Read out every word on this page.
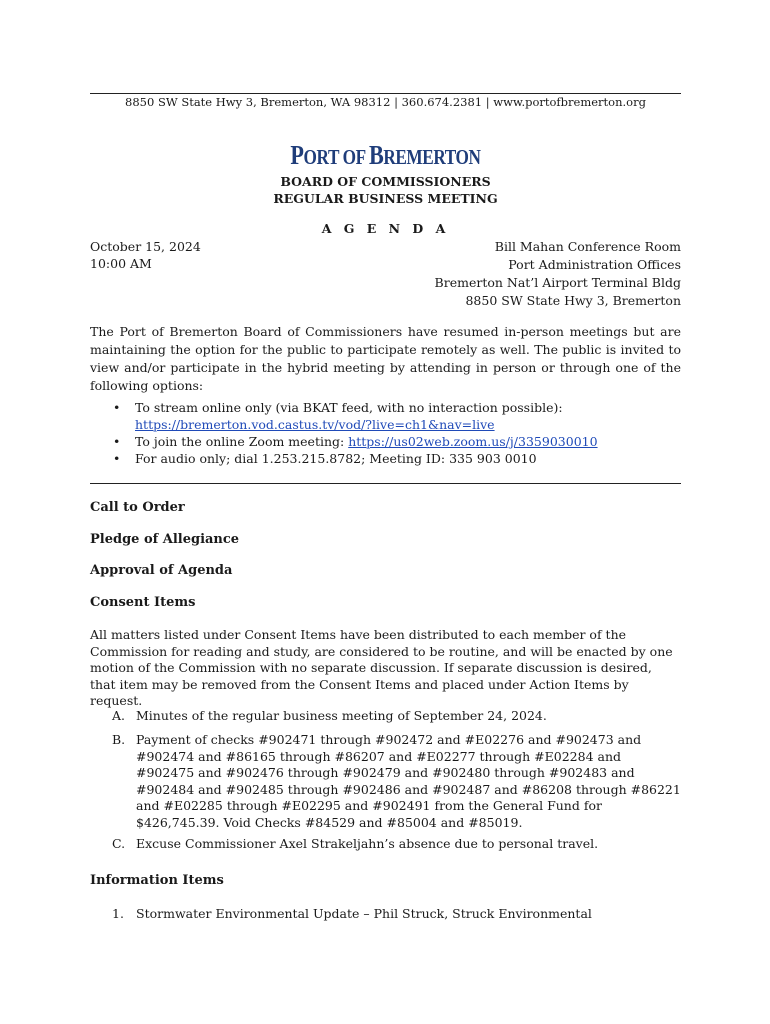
8850 SW State Hwy 3, Bremerton, WA 98312 | 360.674.2381 | www.portofbremerton.org
PORT OF BREMERTON
BOARD OF COMMISSIONERS
REGULAR BUSINESS MEETING
A G E N D A
October 15, 2024
10:00 AM
Bill Mahan Conference Room
Port Administration Offices
Bremerton Nat’l Airport Terminal Bldg
8850 SW State Hwy 3, Bremerton
The Port of Bremerton Board of Commissioners have resumed in-person meetings but are maintaining the option for the public to participate remotely as well. The public is invited to view and/or participate in the hybrid meeting by attending in person or through one of the following options:
• To stream online only (via BKAT feed, with no interaction possible):
https://bremerton.vod.castus.tv/vod/?live=ch1&nav=live
• To join the online Zoom meeting: https://us02web.zoom.us/j/3359030010
• For audio only; dial 1.253.215.8782; Meeting ID: 335 903 0010
Call to Order
Pledge of Allegiance
Approval of Agenda
Consent Items
All matters listed under Consent Items have been distributed to each member of the Commission for reading and study, are considered to be routine, and will be enacted by one motion of the Commission with no separate discussion. If separate discussion is desired, that item may be removed from the Consent Items and placed under Action Items by request.
A. Minutes of the regular business meeting of September 24, 2024.
B. Payment of checks #902471 through #902472 and #E02276 and #902473 and #902474 and #86165 through #86207 and #E02277 through #E02284 and #902475 and #902476 through #902479 and #902480 through #902483 and #902484 and #902485 through #902486 and #902487 and #86208 through #86221 and #E02285 through #E02295 and #902491 from the General Fund for $426,745.39. Void Checks #84529 and #85004 and #85019.
C. Excuse Commissioner Axel Strakeljahn’s absence due to personal travel.
Information Items
1. Stormwater Environmental Update – Phil Struck, Struck Environmental
